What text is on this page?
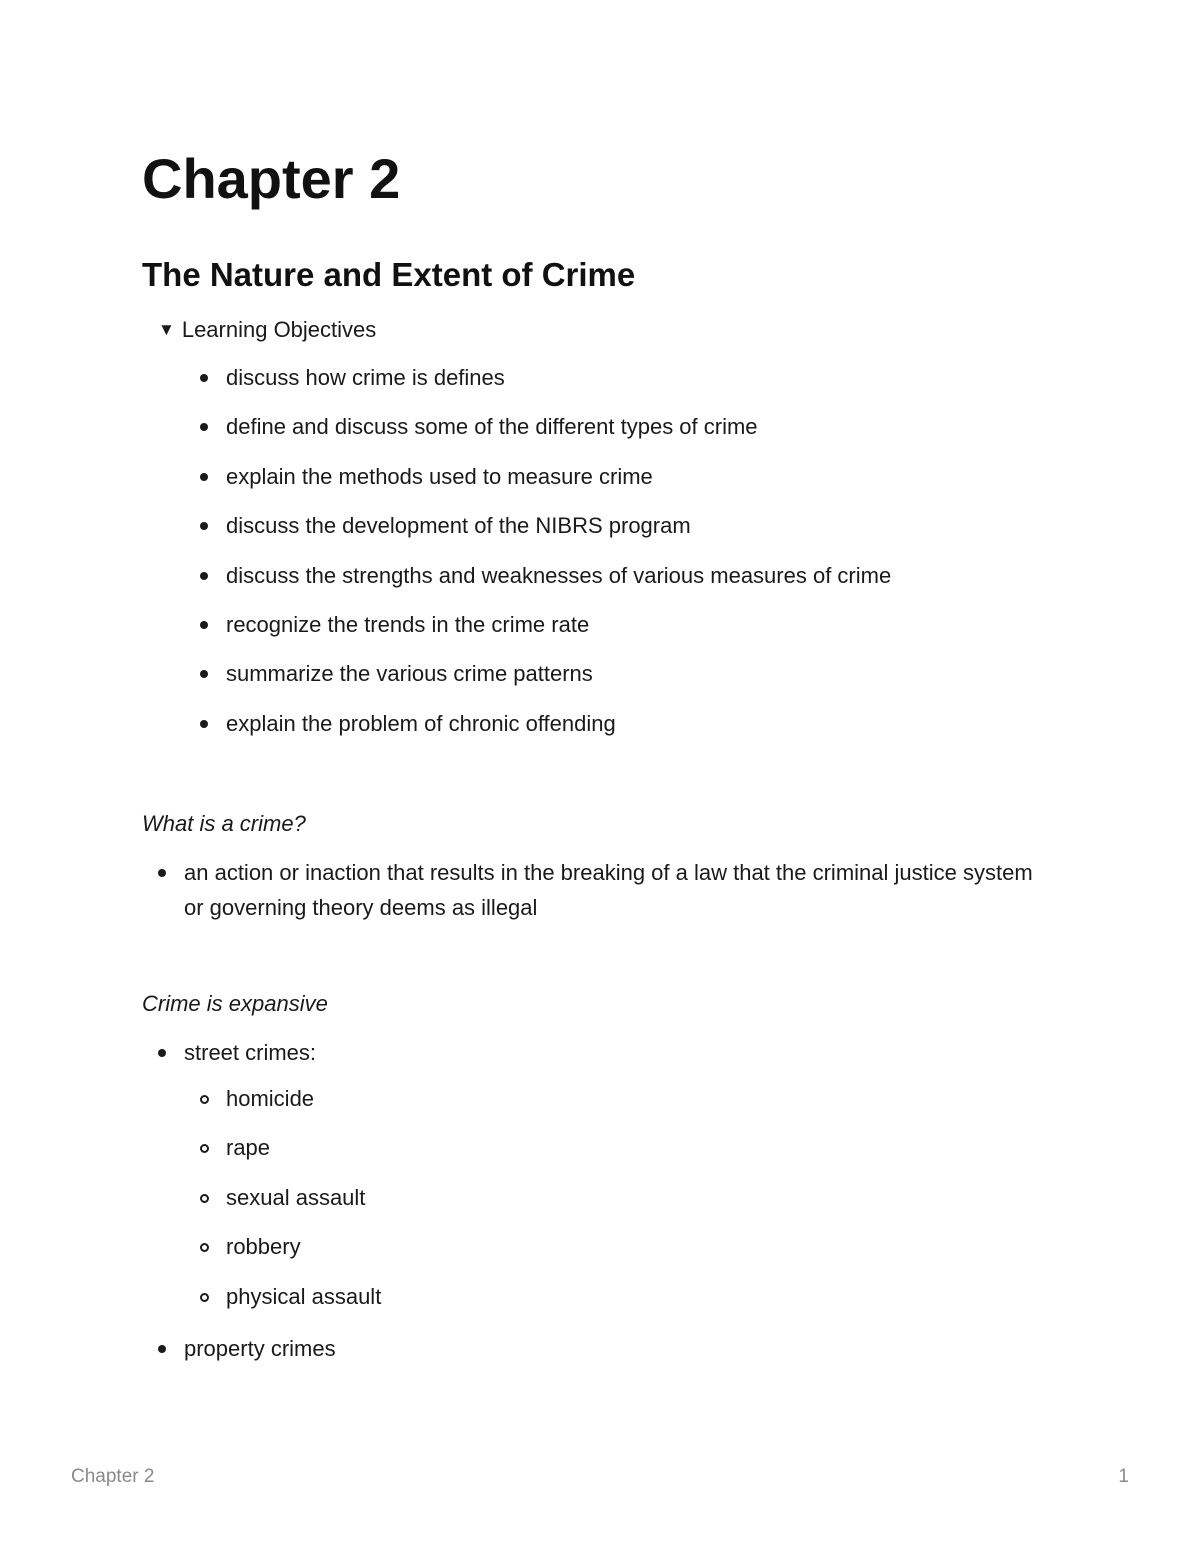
Chapter 2
The Nature and Extent of Crime
▼ Learning Objectives
discuss how crime is defines
define and discuss some of the different types of crime
explain the methods used to measure crime
discuss the development of the NIBRS program
discuss the strengths and weaknesses of various measures of crime
recognize the trends in the crime rate
summarize the various crime patterns
explain the problem of chronic offending
What is a crime?
an action or inaction that results in the breaking of a law that the criminal justice system or governing theory deems as illegal
Crime is expansive
street crimes:
homicide
rape
sexual assault
robbery
physical assault
property crimes
Chapter 2	1
